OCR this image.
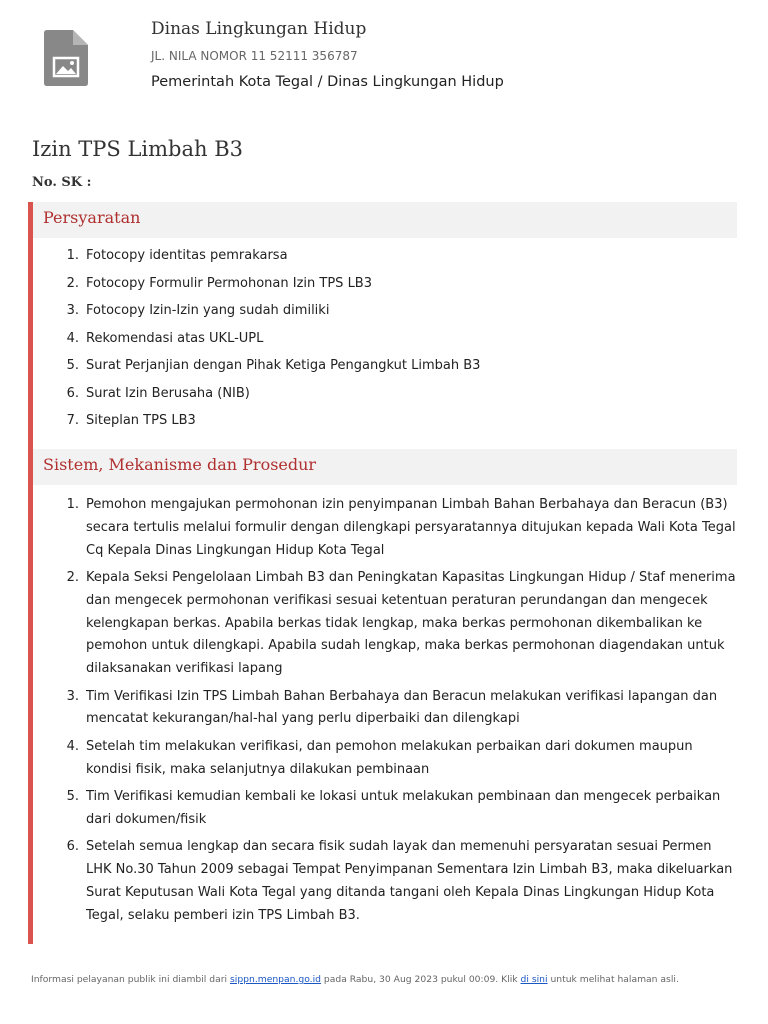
Dinas Lingkungan Hidup
JL. NILA NOMOR 11 52111 356787
Pemerintah Kota Tegal / Dinas Lingkungan Hidup
Izin TPS Limbah B3
No. SK :
Persyaratan
1. Fotocopy identitas pemrakarsa
2. Fotocopy Formulir Permohonan Izin TPS LB3
3. Fotocopy Izin-Izin yang sudah dimiliki
4. Rekomendasi atas UKL-UPL
5. Surat Perjanjian dengan Pihak Ketiga Pengangkut Limbah B3
6. Surat Izin Berusaha (NIB)
7. Siteplan TPS LB3
Sistem, Mekanisme dan Prosedur
1. Pemohon mengajukan permohonan izin penyimpanan Limbah Bahan Berbahaya dan Beracun (B3) secara tertulis melalui formulir dengan dilengkapi persyaratannya ditujukan kepada Wali Kota Tegal Cq Kepala Dinas Lingkungan Hidup Kota Tegal
2. Kepala Seksi Pengelolaan Limbah B3 dan Peningkatan Kapasitas Lingkungan Hidup / Staf menerima dan mengecek permohonan verifikasi sesuai ketentuan peraturan perundangan dan mengecek kelengkapan berkas. Apabila berkas tidak lengkap, maka berkas permohonan dikembalikan ke pemohon untuk dilengkapi. Apabila sudah lengkap, maka berkas permohonan diagendakan untuk dilaksanakan verifikasi lapang
3. Tim Verifikasi Izin TPS Limbah Bahan Berbahaya dan Beracun melakukan verifikasi lapangan dan mencatat kekurangan/hal-hal yang perlu diperbaiki dan dilengkapi
4. Setelah tim melakukan verifikasi, dan pemohon melakukan perbaikan dari dokumen maupun kondisi fisik, maka selanjutnya dilakukan pembinaan
5. Tim Verifikasi kemudian kembali ke lokasi untuk melakukan pembinaan dan mengecek perbaikan dari dokumen/fisik
6. Setelah semua lengkap dan secara fisik sudah layak dan memenuhi persyaratan sesuai Permen LHK No.30 Tahun 2009 sebagai Tempat Penyimpanan Sementara Izin Limbah B3, maka dikeluarkan Surat Keputusan Wali Kota Tegal yang ditanda tangani oleh Kepala Dinas Lingkungan Hidup Kota Tegal, selaku pemberi izin TPS Limbah B3.
Informasi pelayanan publik ini diambil dari sippn.menpan.go.id pada Rabu, 30 Aug 2023 pukul 00:09. Klik di sini untuk melihat halaman asli.
